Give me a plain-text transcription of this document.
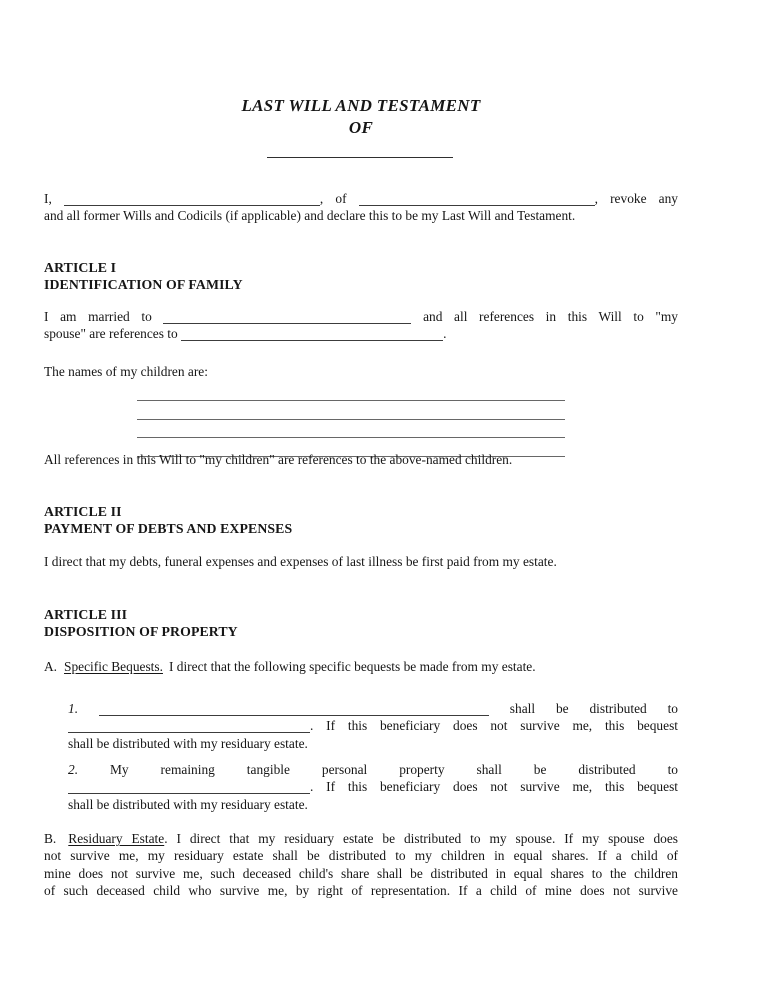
LAST WILL AND TESTAMENT
OF
I,	, of	, revoke any
and all former Wills and Codicils (if applicable) and declare this to be my Last Will and Testament.
ARTICLE I
IDENTIFICATION OF FAMILY
I am married to	and all references in this Will to "my
spouse" are references to	.
The names of my children are:
All references in this Will to "my children" are references to the above-named children.
ARTICLE II
PAYMENT OF DEBTS AND EXPENSES
I direct that my debts, funeral expenses and expenses of last illness be first paid from my estate.
ARTICLE III
DISPOSITION OF PROPERTY
A. Specific Bequests. I direct that the following specific bequests be made from my estate.
1.	shall be distributed to
. If this beneficiary does not survive me, this bequest
shall be distributed with my residuary estate.
2. My remaining tangible personal property shall be distributed to
. If this beneficiary does not survive me, this bequest
shall be distributed with my residuary estate.
B. Residuary Estate. I direct that my residuary estate be distributed to my spouse. If my spouse does
not survive me, my residuary estate shall be distributed to my children in equal shares. If a child of
mine does not survive me, such deceased child's share shall be distributed in equal shares to the children
of such deceased child who survive me, by right of representation. If a child of mine does not survive
